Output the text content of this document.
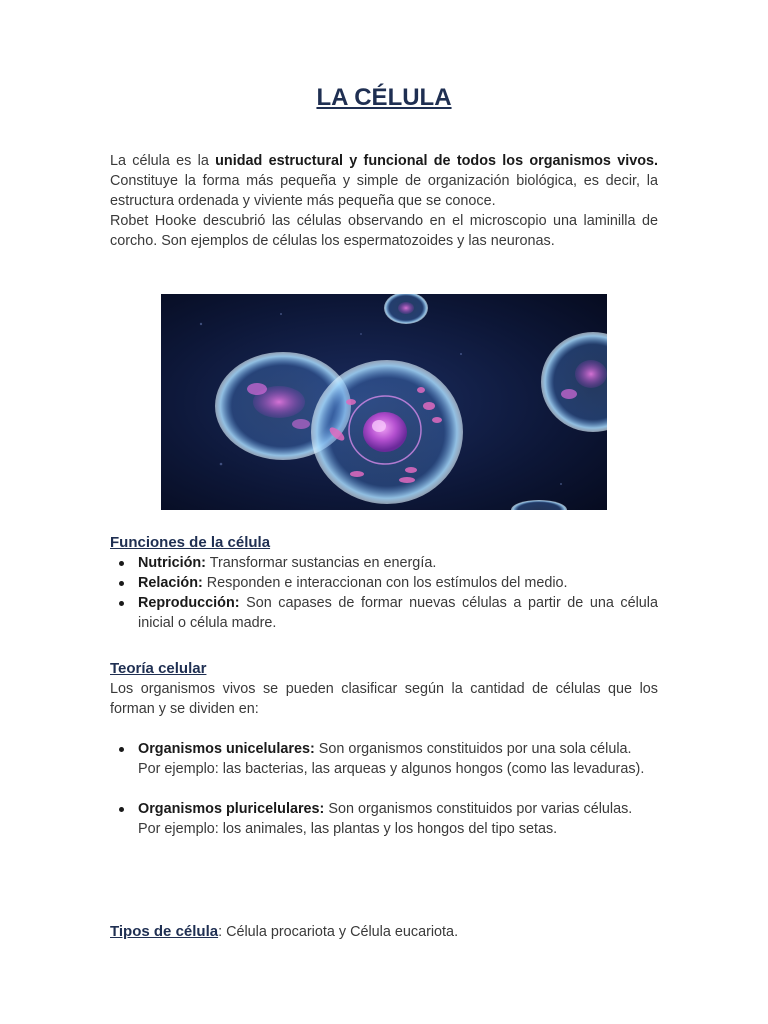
LA CÉLULA

La célula es la unidad estructural y funcional de todos los organismos vivos. Constituye la forma más pequeña y simple de organización biológica, es decir, la estructura ordenada y viviente más pequeña que se conoce.

Robet Hooke descubrió las células observando en el microscopio una laminilla de corcho. Son ejemplos de células los espermatozoides y las neuronas.

Funciones de la célula
Nutrición: Transformar sustancias en energía.
Relación: Responden e interaccionan con los estímulos del medio.
Reproducción: Son capases de formar nuevas células a partir de una célula inicial o célula madre.
Teoría celular

Los organismos vivos se pueden clasificar según la cantidad de células que los forman y se dividen en:

Organismos unicelulares: Son organismos constituidos por una sola célula.
Por ejemplo: las bacterias, las arqueas y algunos hongos (como las levaduras).
Organismos pluricelulares: Son organismos constituidos por varias células.
Por ejemplo: los animales, las plantas y los hongos del tipo setas.
Tipos de célula: Célula procariota y Célula eucariota.
